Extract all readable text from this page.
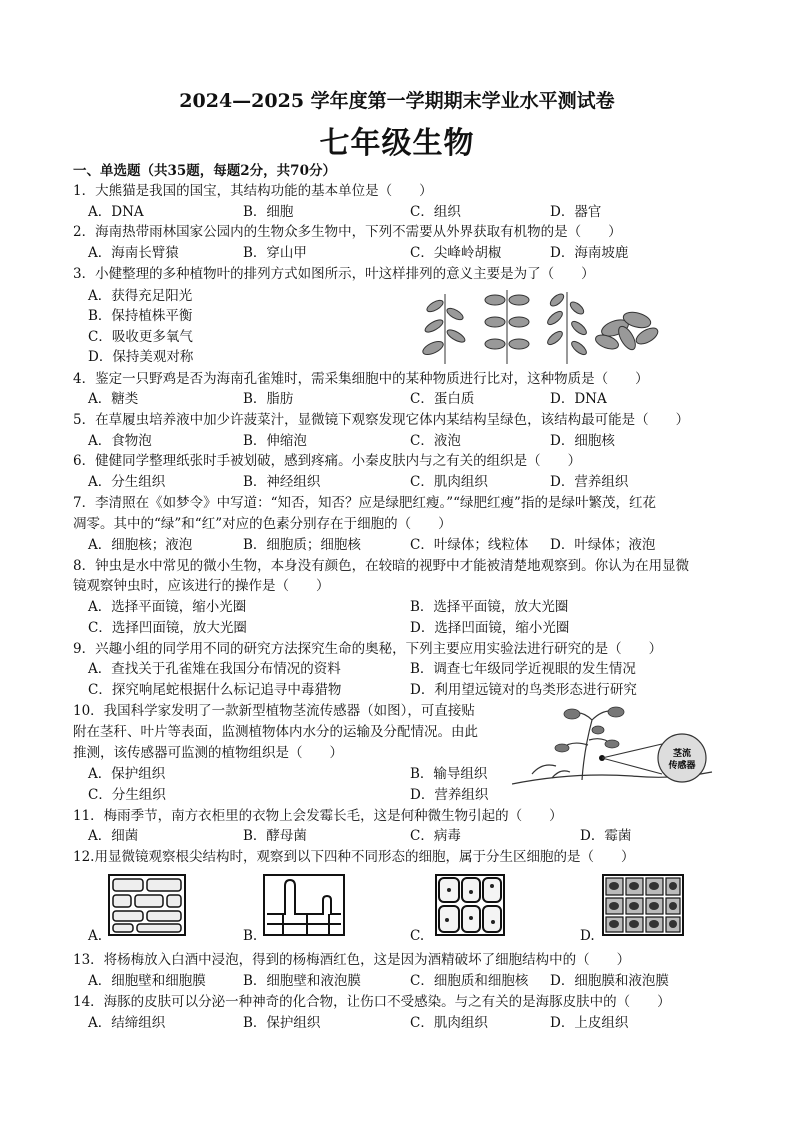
2024—2025 学年度第一学期期末学业水平测试卷
七年级生物
一、单选题（共35题，每题2分，共70分）
1．大熊猫是我国的国宝，其结构功能的基本单位是（　　）
A．DNA	B．细胞	C．组织	D．器官
2．海南热带雨林国家公园内的生物众多生物中，下列不需要从外界获取有机物的是（　　）
A．海南长臂猿	B．穿山甲	C．尖峰岭胡椒	D．海南坡鹿
3．小健整理的多种植物叶的排列方式如图所示，叶这样排列的意义主要是为了（　　）
A．获得充足阳光
B．保持植株平衡
C．吸收更多氧气
D．保持美观对称
4．鉴定一只野鸡是否为海南孔雀雉时，需采集细胞中的某种物质进行比对，这种物质是（　　）
A．糖类	B．脂肪	C．蛋白质	D．DNA
5．在草履虫培养液中加少许菠菜汁，显微镜下观察发现它体内某结构呈绿色，该结构最可能是（　　）
A．食物泡	B．伸缩泡	C．液泡	D．细胞核
6．健健同学整理纸张时手被划破，感到疼痛。小秦皮肤内与之有关的组织是（　　）
A．分生组织	B．神经组织	C．肌肉组织	D．营养组织
7．李清照在《如梦令》中写道：“知否，知否？应是绿肥红瘦。”“绿肥红瘦”指的是绿叶繁茂，红花
凋零。其中的“绿”和“红”对应的色素分别存在于细胞的（　　）
A．细胞核；液泡	B．细胞质；细胞核	C．叶绿体；线粒体 D．叶绿体；液泡
8．钟虫是水中常见的微小生物，本身没有颜色，在较暗的视野中才能被清楚地观察到。你认为在用显微
镜观察钟虫时，应该进行的操作是（　　）
A．选择平面镜，缩小光圈	B．选择平面镜，放大光圈
C．选择凹面镜，放大光圈	D．选择凹面镜，缩小光圈
9．兴趣小组的同学用不同的研究方法探究生命的奥秘，下列主要应用实验法进行研究的是（　　）
A．查找关于孔雀雉在我国分布情况的资料	B．调查七年级同学近视眼的发生情况
C．探究响尾蛇根据什么标记追寻中毒猎物	D．利用望远镜对的鸟类形态进行研究
10．我国科学家发明了一款新型植物茎流传感器（如图），可直接贴
附在茎秆、叶片等表面，监测植物体内水分的运输及分配情况。由此
推测，该传感器可监测的植物组织是（　　）
A．保护组织	B．输导组织
C．分生组织	D．营养组织
茎流
传感器
11．梅雨季节，南方衣柜里的衣物上会发霉长毛，这是何种微生物引起的（　　）
A．细菌	B．酵母菌	C．病毒	D．霉菌
12.用显微镜观察根尖结构时，观察到以下四种不同形态的细胞，属于分生区细胞的是（　　）
A.	B.	C.	D.
13．将杨梅放入白酒中浸泡，得到的杨梅酒红色，这是因为酒精破坏了细胞结构中的（　　）
A．细胞壁和细胞膜	B．细胞壁和液泡膜	C．细胞质和细胞核 D．细胞膜和液泡膜
14．海豚的皮肤可以分泌一种神奇的化合物，让伤口不受感染。与之有关的是海豚皮肤中的（　　）
A．结缔组织	B．保护组织	C．肌肉组织	D．上皮组织
